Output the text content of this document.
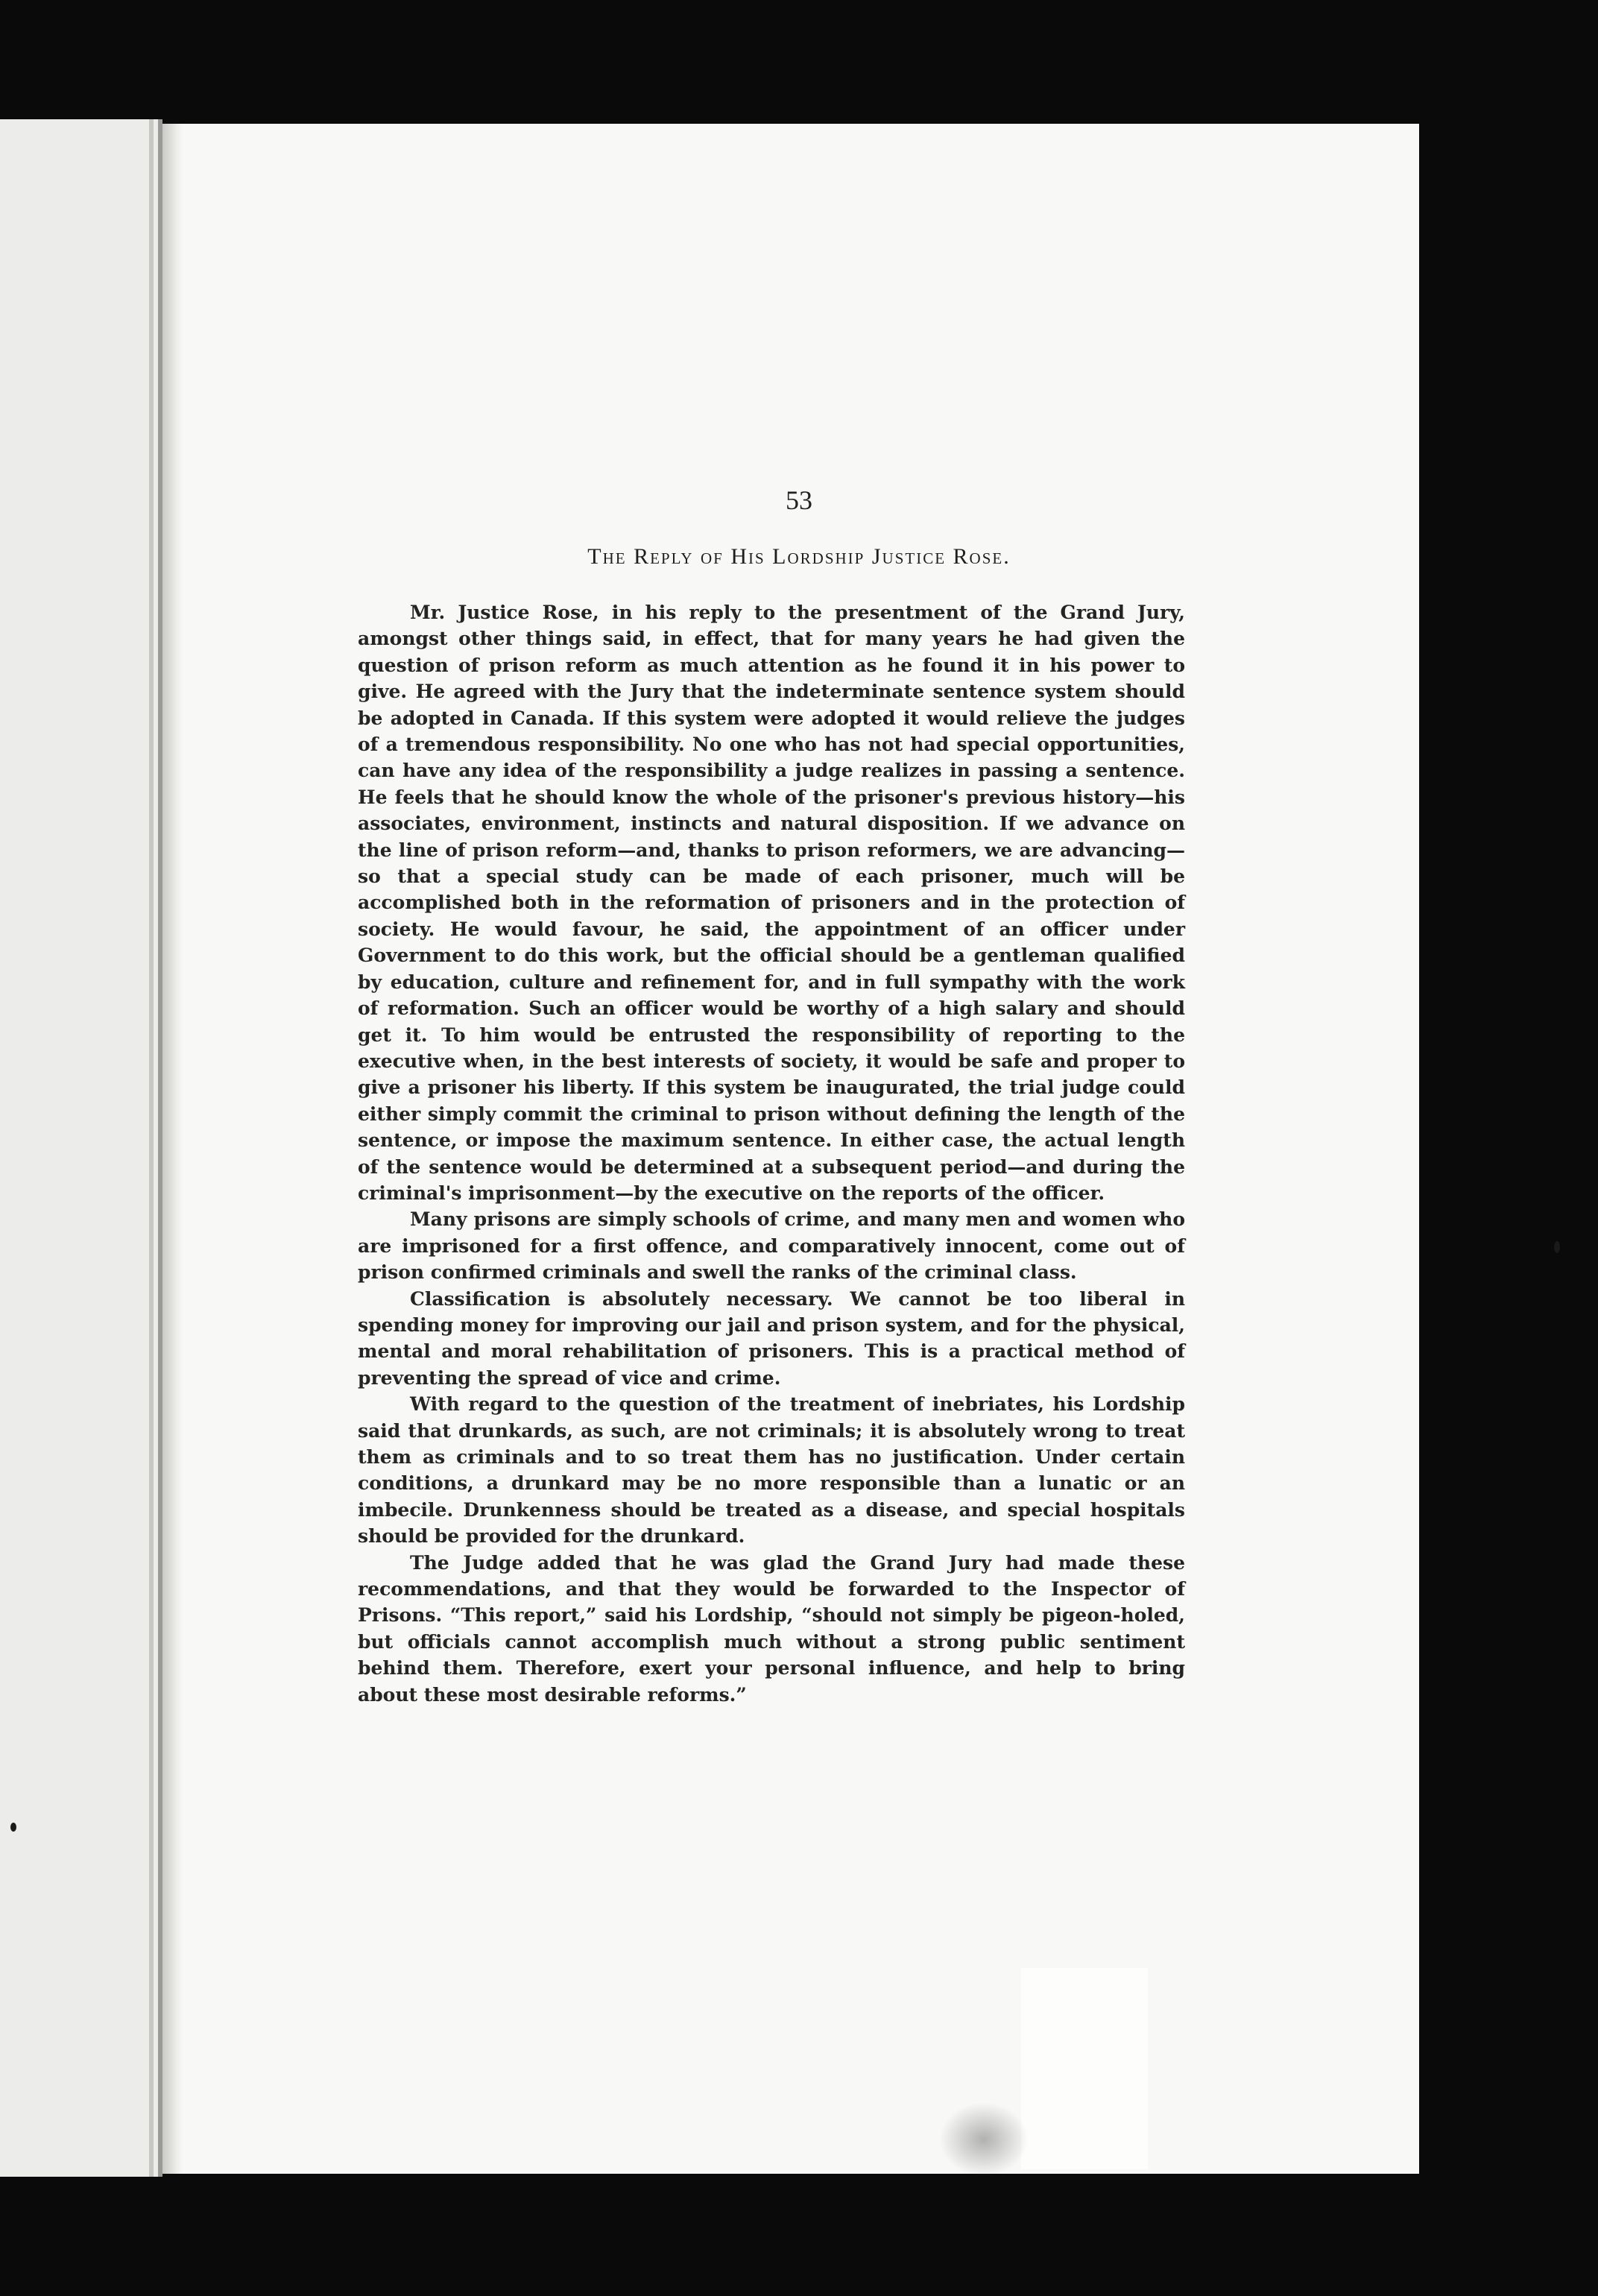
53
The Reply of His Lordship Justice Rose.

Mr. Justice Rose, in his reply to the presentment of the Grand Jury, amongst other things said, in effect, that for many years he had given the question of prison reform as much attention as he found it in his power to give. He agreed with the Jury that the indeterminate sentence system should be adopted in Canada. If this system were adopted it would relieve the judges of a tremendous responsibility. No one who has not had special opportunities, can have any idea of the responsibility a judge realizes in passing a sentence. He feels that he should know the whole of the prisoner's previous history—his associates, environment, instincts and natural disposition. If we advance on the line of prison reform—and, thanks to prison reformers, we are advancing—so that a special study can be made of each prisoner, much will be accomplished both in the reformation of prisoners and in the protection of society. He would favour, he said, the appointment of an officer under Government to do this work, but the official should be a gentleman qualified by education, culture and refinement for, and in full sympathy with the work of reformation. Such an officer would be worthy of a high salary and should get it. To him would be entrusted the responsibility of reporting to the executive when, in the best interests of society, it would be safe and proper to give a prisoner his liberty. If this system be inaugurated, the trial judge could either simply commit the criminal to prison without defining the length of the sentence, or impose the maximum sentence. In either case, the actual length of the sentence would be determined at a subsequent period—and during the criminal's imprisonment—by the executive on the reports of the officer.

Many prisons are simply schools of crime, and many men and women who are imprisoned for a first offence, and comparatively innocent, come out of prison confirmed criminals and swell the ranks of the criminal class.

Classification is absolutely necessary. We cannot be too liberal in spending money for improving our jail and prison system, and for the physical, mental and moral rehabilitation of prisoners. This is a practical method of preventing the spread of vice and crime.

With regard to the question of the treatment of inebriates, his Lordship said that drunkards, as such, are not criminals; it is absolutely wrong to treat them as criminals and to so treat them has no justification. Under certain conditions, a drunkard may be no more responsible than a lunatic or an imbecile. Drunkenness should be treated as a disease, and special hospitals should be provided for the drunkard.

The Judge added that he was glad the Grand Jury had made these recommendations, and that they would be forwarded to the Inspector of Prisons. “This report,” said his Lordship, “should not simply be pigeon-holed, but officials cannot accomplish much without a strong public sentiment behind them. Therefore, exert your personal influence, and help to bring about these most desirable reforms.”
